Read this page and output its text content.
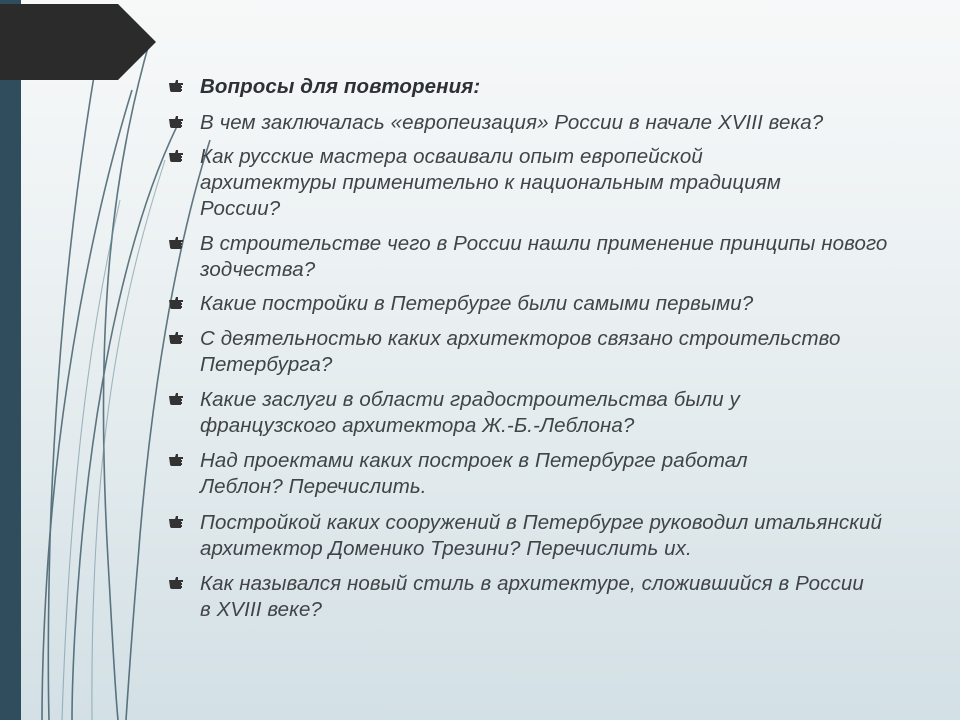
Вопросы для повторения:
В чем заключалась «европеизация» России в начале XVIII века?
Как русские мастера осваивали опыт европейской архитектуры применительно к национальным традициям России?
В строительстве чего в России нашли применение принципы нового зодчества?
Какие постройки в Петербурге были самыми первыми?
С деятельностью каких архитекторов связано строительство Петербурга?
Какие заслуги в области градостроительства были у французского архитектора Ж.-Б.-Леблона?
Над проектами каких построек в Петербурге работал Леблон? Перечислить.
Постройкой каких сооружений в Петербурге руководил итальянский архитектор Доменико Трезини? Перечислить их.
Как назывался новый стиль в архитектуре, сложившийся в России в XVIII веке?
